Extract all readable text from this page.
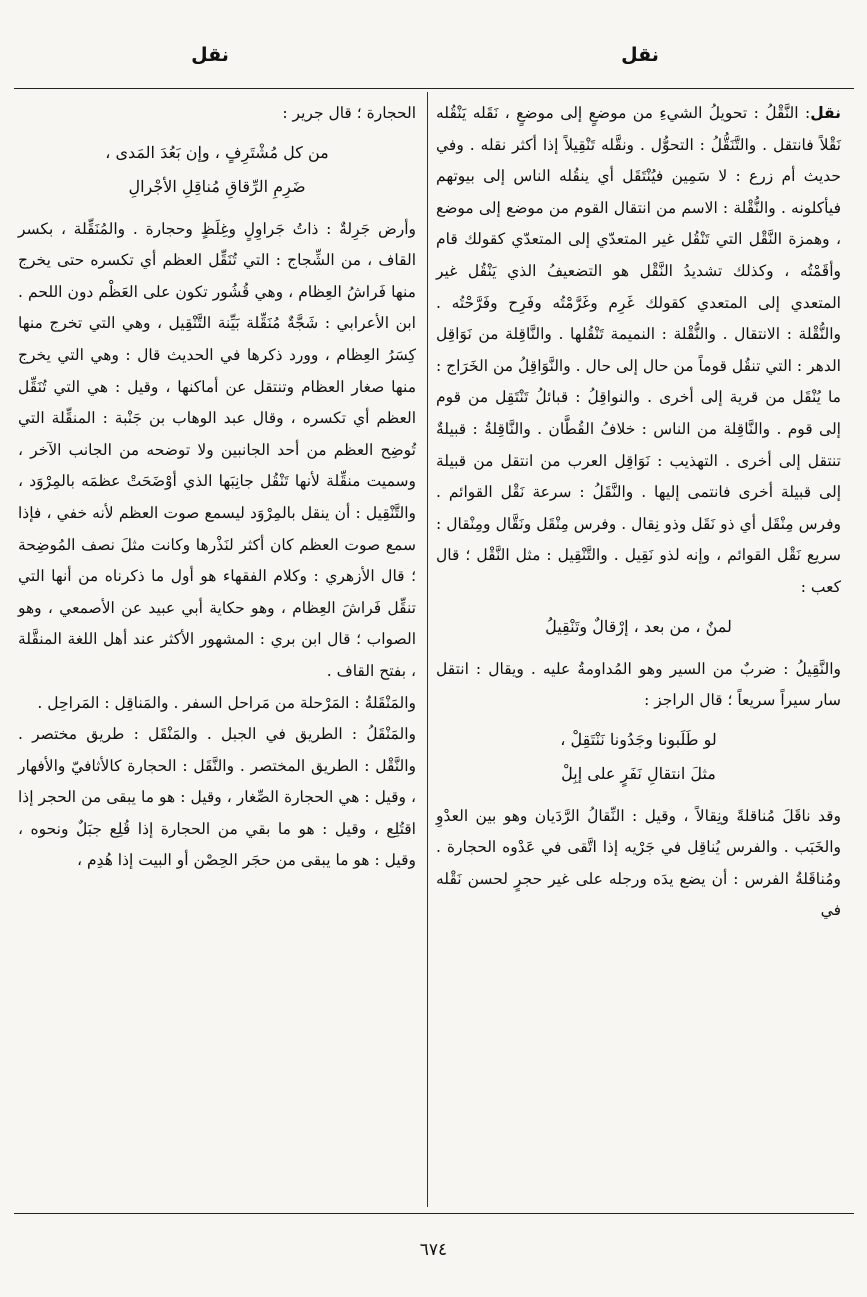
نقل
نقل

نقل: النَّقْلُ : تحويلُ الشيءِ من موضعٍ إلى موضعٍ ، نَقَله يَنْقُله نَقْلاً فانتقل . والتَّنَقُّلُ : التحوُّل . ونقَّله تَنْقِيلاً إذا أكثر نقله . وفي حديث أم زرع : لا سَمِين فيُنْتَقَل أي ينقُله الناس إلى بيوتهم فيأكلونه . والنُّقْلة : الاسم من انتقال القوم من موضع إلى موضع ، وهمزة النَّقْل التي تَنْقُل غير المتعدّي إلى المتعدّي كقولك قام وأقَمْتُه ، وكذلك تشديدُ النَّقْل هو التضعيفُ الذي يَنْقُل غير المتعدي إلى المتعدي كقولك غَرِم وغَرَّمْتُه وفَرِح وفَرَّحْتُه . والنُّقْلة : الانتقال . والنُّقْلة : النميمة تَنْقُلها . والنَّاقِلة من نَوَاقِل الدهر : التي تنقُل قوماً من حال إلى حال . والنَّوَاقِلُ من الخَرَاج : ما يُنْقَل من قرية إلى أخرى . والنواقِلُ : قبائلُ تَنْتَقِل من قوم إلى قوم . والنَّاقِلة من الناس : خلافُ القُطَّان . والنَّاقِلةُ : قبيلةٌ تنتقل إلى أخرى . التهذيب : نَوَاقِل العرب من انتقل من قبيلة إلى قبيلة أخرى فانتمى إليها . والنَّقَلُ : سرعة نَقْل القوائم . وفرس مِنْقَل أي ذو نَقَل وذو نِقال . وفرس مِنْقَل ونَقَّال ومِنْقال : سريع نَقْل القوائم ، وإنه لذو نَقِيل . والتَّنْقِيل : مثل النَّقْل ؛ قال كعب :

لمنٌ ، من بعد ، إرْقالٌ وتَنْقِيلُ

والنَّقِيلُ : ضربٌ من السير وهو المُداومةُ عليه . ويقال : انتقل سار سيراً سريعاً ؛ قال الراجز :

لو طَلَبونا وجَدُونا نَنْتَقِلْ ،
مثلَ انتقالِ نَفَرٍ على إبِلْ

وقد ناقَلَ مُناقلةً ونِقالاً ، وقيل : النِّقالُ الرَّدَيان وهو بين العدْوِ والخَبَب . والفرس يُناقِل في جَرْيه إذا اتَّقى في عَدْوه الحجارة . ومُناقَلةُ الفرس : أن يضع يدَه ورجله على غير حجرٍ لحسن نَقْله في

الحجارة ؛ قال جرير :

من كل مُشْتَرِفٍ ، وإن بَعُدَ المَدى ،
ضَرِمِ الرِّقاقِ مُناقِلِ الأجْرالِ

وأرض جَرِلةٌ : ذاتُ جَراوِلٍ وغِلَظٍ وحجارة . والمُنَقِّلة ، بكسر القاف ، من الشِّجاج : التي تُنَقِّل العظم أي تكسره حتى يخرج منها فَراشُ العِظام ، وهي قُشُور تكون على العَظْم دون اللحم . ابن الأعرابي : شَجَّةٌ مُنَقِّلة بَيِّنة التَّنْقِيل ، وهي التي تخرج منها كِسَرُ العِظام ، وورد ذكرها في الحديث قال : وهي التي يخرج منها صغار العظام وتنتقل عن أماكنها ، وقيل : هي التي تُنَقِّل العظم أي تكسره ، وقال عبد الوهاب بن جَنْبة : المنقِّلة التي تُوضِح العظم من أحد الجانبين ولا توضحه من الجانب الآخر ، وسميت منقِّلة لأنها تَنْقُل جانِبَها الذي أوْضَحَتْ عظمَه بالمِرْوَد ، والتَّنْقِيل : أن ينقل بالمِرْوَد ليسمع صوت العظم لأنه خفي ، فإذا سمع صوت العظم كان أكثر لنَذْرها وكانت مثلَ نصف المُوضِحة ؛ قال الأزهري : وكلام الفقهاء هو أول ما ذكرناه من أنها التي تنقِّل فَراشَ العِظام ، وهو حكاية أبي عبيد عن الأصمعي ، وهو الصواب ؛ قال ابن بري : المشهور الأكثر عند أهل اللغة المنقَّلة ، بفتح القاف .

والمَنْقَلةُ : المَرْحلة من مَراحل السفر . والمَناقِل : المَراحِل .

والمَنْقَلُ : الطريق في الجبل . والمَنْقَل : طريق مختصر . والنَّقْل : الطريق المختصر . والنَّقَل : الحجارة كالأثافيّ والأفهار ، وقيل : هي الحجارة الصِّغار ، وقيل : هو ما يبقى من الحجر إذا اقتُلِع ، وقيل : هو ما بقي من الحجارة إذا قُلِع جبَلٌ ونحوه ، وقيل : هو ما يبقى من حجَر الحِصْن أو البيت إذا هُدِم ،

٦٧٤
